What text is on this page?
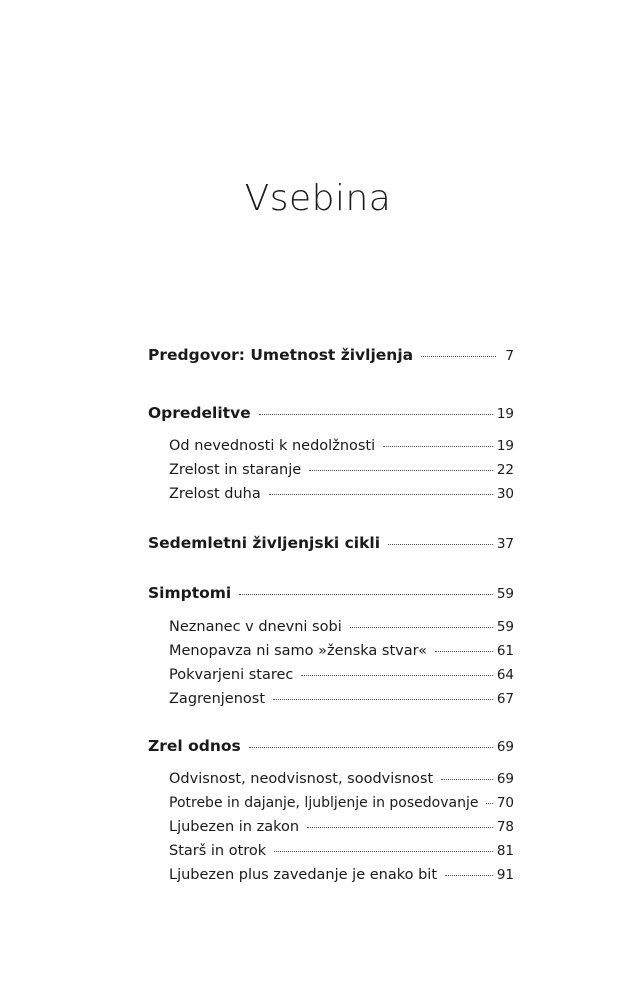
Vsebina
Predgovor: Umetnost življenja	7
Opredelitve	19
Od nevednosti k nedolžnosti	19
Zrelost in staranje	22
Zrelost duha	30
Sedemletni življenjski cikli	37
Simptomi	59
Neznanec v dnevni sobi	59
Menopavza ni samo »ženska stvar«	61
Pokvarjeni starec	64
Zagrenjenost	67
Zrel odnos	69
Odvisnost, neodvisnost, soodvisnost	69
Potrebe in dajanje, ljubljenje in posedovanje 70
Ljubezen in zakon	78
Starš in otrok	81
Ljubezen plus zavedanje je enako bit	91
